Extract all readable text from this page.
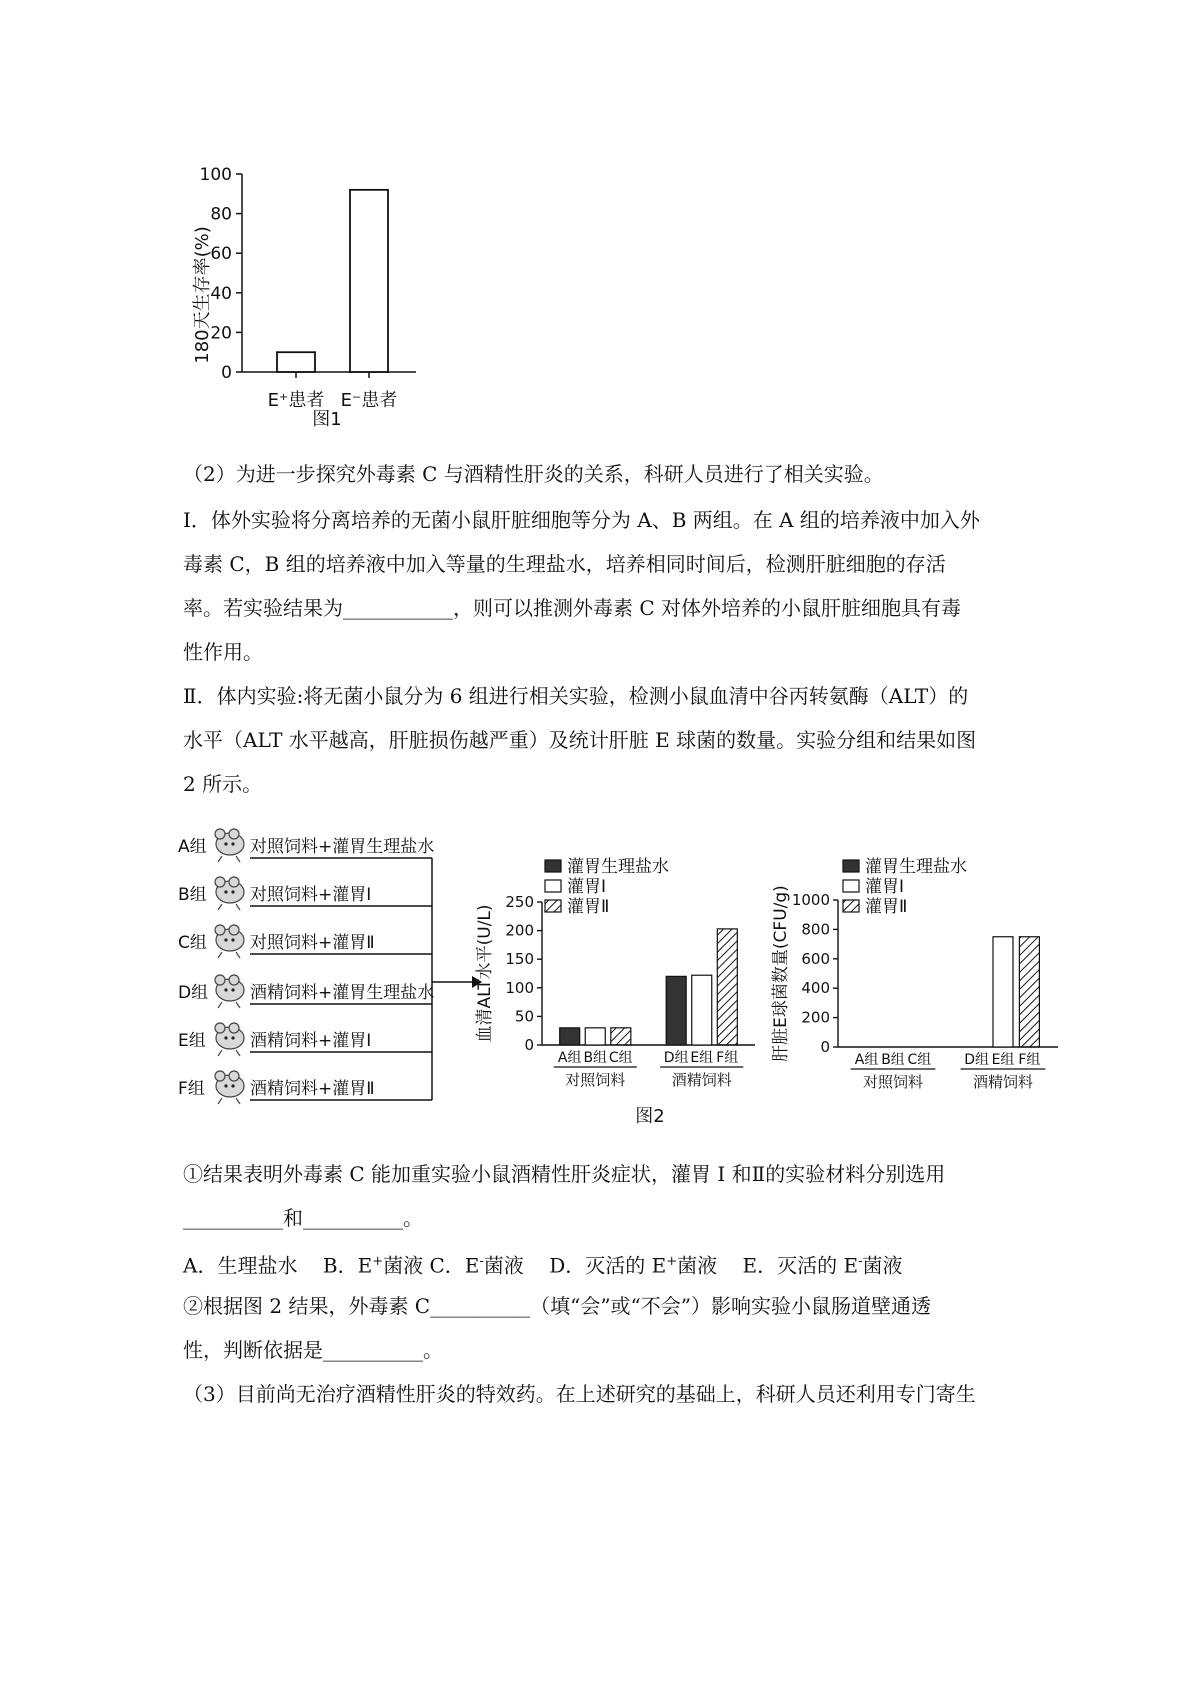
0
20
40
60
80
100
E⁺患者 E⁻患者
180天生存率(%)
图1
（2）为进一步探究外毒素 C 与酒精性肝炎的关系，科研人员进行了相关实验。
I．体外实验将分离培养的无菌小鼠肝脏细胞等分为 A、B 两组。在 A 组的培养液中加入外
毒素 C，B 组的培养液中加入等量的生理盐水，培养相同时间后，检测肝脏细胞的存活
率。若实验结果为___________，则可以推测外毒素 C 对体外培养的小鼠肝脏细胞具有毒
性作用。
Ⅱ．体内实验:将无菌小鼠分为 6 组进行相关实验，检测小鼠血清中谷丙转氨酶（ALT）的
水平（ALT 水平越高，肝脏损伤越严重）及统计肝脏 E 球菌的数量。实验分组和结果如图
2 所示。
A组	对照饲料+灌胃生理盐水
B组	对照饲料+灌胃I
C组	对照饲料+灌胃Ⅱ
D组 酒精饲料+灌胃生理盐水
E组	酒精饲料+灌胃I
F组	酒精饲料+灌胃Ⅱ
灌胃生理盐水
灌胃I
灌胃Ⅱ
0
50
100
150
200
250
血清ALT水平(U/L)
A组 B组 C组 D组 E组 F组
对照饲料	酒精饲料
灌胃生理盐水
灌胃I
灌胃Ⅱ
0
200
400
600
800
1000
肝脏E球菌数量(CFU/g)	A组 B组 C组 D组 E组 F组
对照饲料	酒精饲料
图2
①结果表明外毒素 C 能加重实验小鼠酒精性肝炎症状，灌胃 I 和Ⅱ的实验材料分别选用
__________和__________。
A．生理盐水 B．E+菌液 C．E-菌液 D．灭活的 E+菌液 E．灭活的 E-菌液
②根据图 2 结果，外毒素 C__________（填“会”或“不会”）影响实验小鼠肠道壁通透
性，判断依据是__________。
（3）目前尚无治疗酒精性肝炎的特效药。在上述研究的基础上，科研人员还利用专门寄生
